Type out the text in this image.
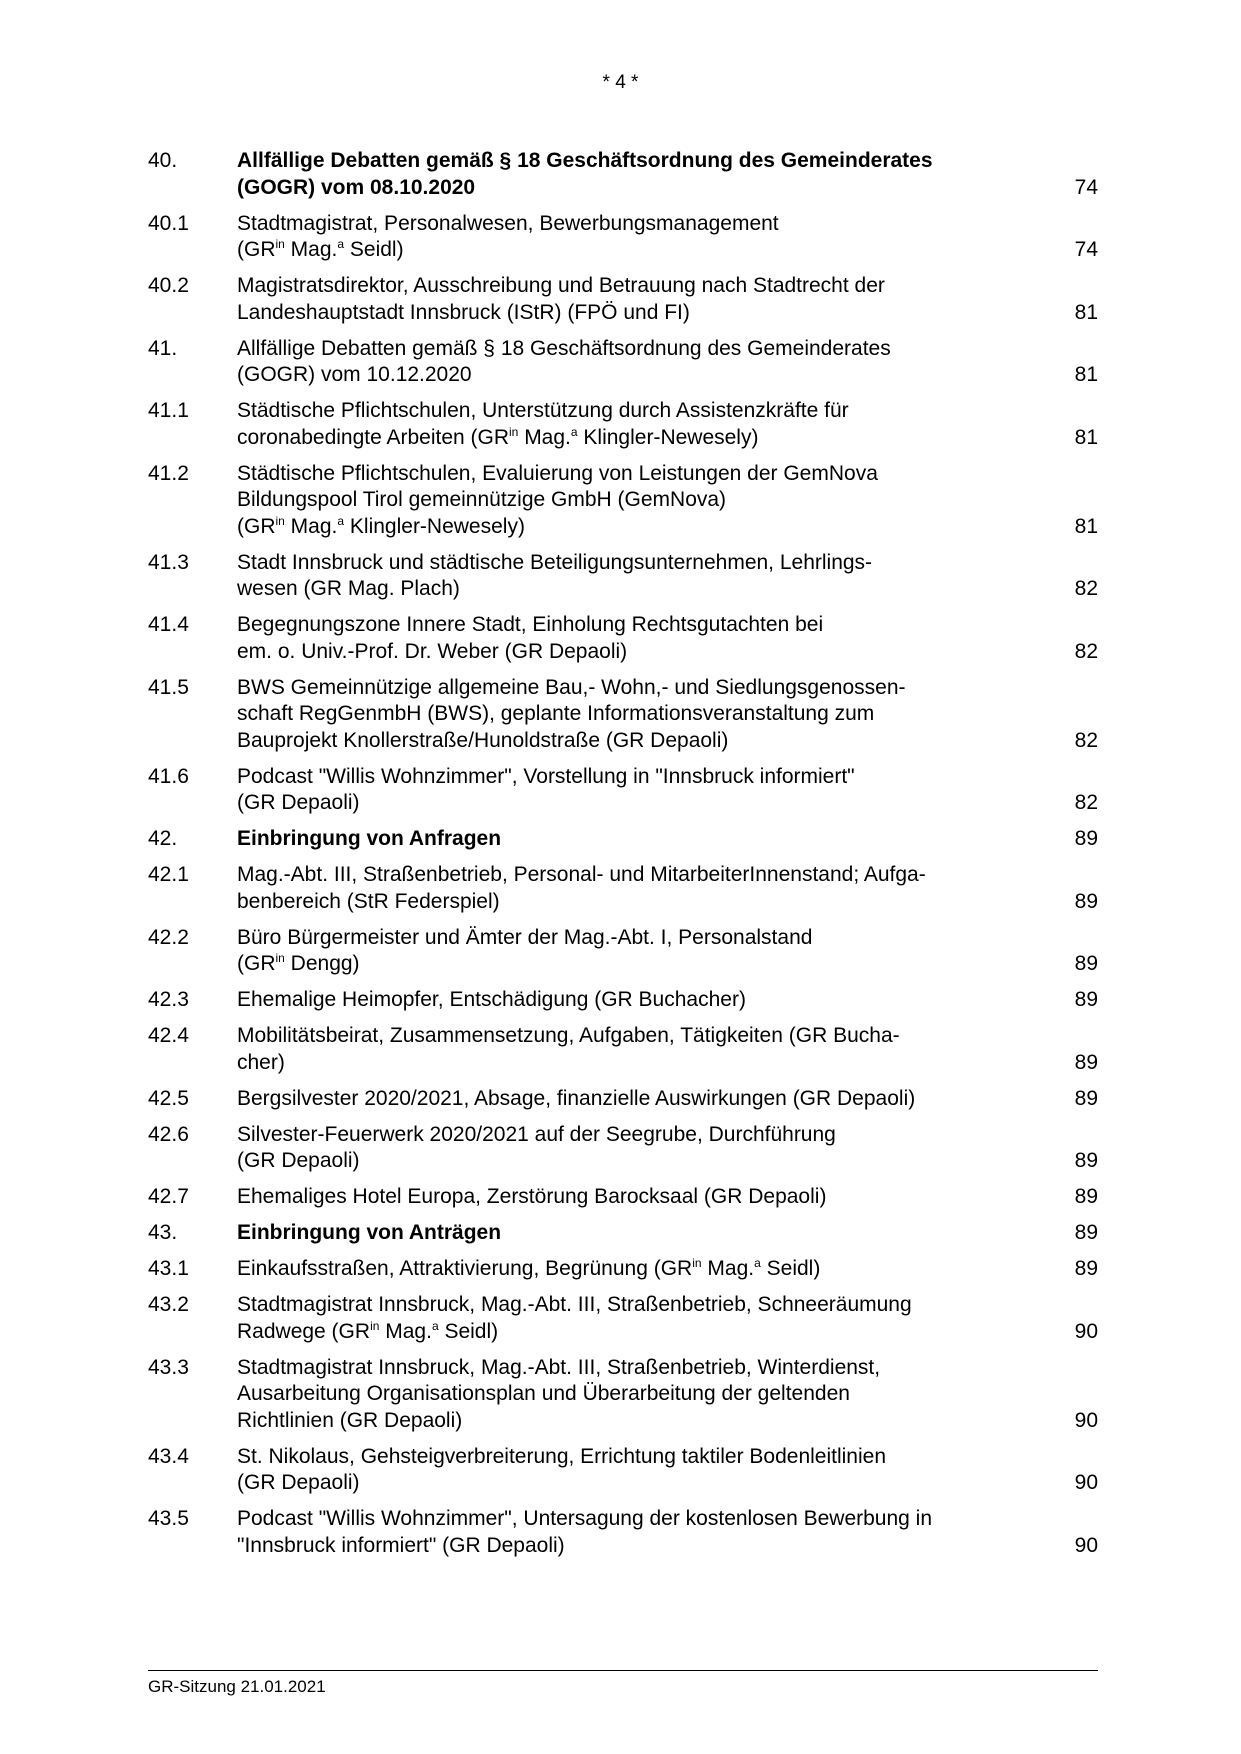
* 4 *
40.	Allfällige Debatten gemäß § 18 Geschäftsordnung des Gemeinderates
(GOGR) vom 08.10.2020	74
40.1	Stadtmagistrat, Personalwesen, Bewerbungsmanagement
($GR^{in}$ Mag.$^a$ Seidl)	74
40.2	Magistratsdirektor, Ausschreibung und Betrauung nach Stadtrecht der
Landeshauptstadt Innsbruck (IStR) (FPÖ und FI)	81
41.	Allfällige Debatten gemäß § 18 Geschäftsordnung des Gemeinderates
(GOGR) vom 10.12.2020	81
41.1	Städtische Pflichtschulen, Unterstützung durch Assistenzkräfte für
coronabedingte Arbeiten ($GR^{in}$ Mag.$^a$ Klingler-Newesely)	81
41.2	Städtische Pflichtschulen, Evaluierung von Leistungen der GemNova
Bildungspool Tirol gemeinnützige GmbH (GemNova)
($GR^{in}$ Mag.$^a$ Klingler-Newesely)	81
41.3	Stadt Innsbruck und städtische Beteiligungsunternehmen, Lehrlings-
wesen (GR Mag. Plach)	82
41.4	Begegnungszone Innere Stadt, Einholung Rechtsgutachten bei
em. o. Univ.-Prof. Dr. Weber (GR Depaoli)	82
41.5	BWS Gemeinnützige allgemeine Bau,- Wohn,- und Siedlungsgenossen-
schaft RegGenmbH (BWS), geplante Informationsveranstaltung zum
Bauprojekt Knollerstraße/Hunoldstraße (GR Depaoli)	82
41.6	Podcast "Willis Wohnzimmer", Vorstellung in "Innsbruck informiert"
(GR Depaoli)	82
42.	Einbringung von Anfragen	89
42.1	Mag.-Abt. III, Straßenbetrieb, Personal- und MitarbeiterInnenstand; Aufga-
benbereich (StR Federspiel)	89
42.2	Büro Bürgermeister und Ämter der Mag.-Abt. I, Personalstand
($GR^{in}$ Dengg)	89
42.3	Ehemalige Heimopfer, Entschädigung (GR Buchacher)	89
42.4	Mobilitätsbeirat, Zusammensetzung, Aufgaben, Tätigkeiten (GR Bucha-
cher)	89
42.5	Bergsilvester 2020/2021, Absage, finanzielle Auswirkungen (GR Depaoli)	89
42.6	Silvester-Feuerwerk 2020/2021 auf der Seegrube, Durchführung
(GR Depaoli)	89
42.7	Ehemaliges Hotel Europa, Zerstörung Barocksaal (GR Depaoli)	89
43.	Einbringung von Anträgen	89
43.1	Einkaufsstraßen, Attraktivierung, Begrünung ($GR^{in}$ Mag.$^a$ Seidl)	89
43.2	Stadtmagistrat Innsbruck, Mag.-Abt. III, Straßenbetrieb, Schneeräumung
Radwege ($GR^{in}$ Mag.$^a$ Seidl)	90
43.3	Stadtmagistrat Innsbruck, Mag.-Abt. III, Straßenbetrieb, Winterdienst,
Ausarbeitung Organisationsplan und Überarbeitung der geltenden
Richtlinien (GR Depaoli)	90
43.4	St. Nikolaus, Gehsteigverbreiterung, Errichtung taktiler Bodenleitlinien
(GR Depaoli)	90
43.5	Podcast "Willis Wohnzimmer", Untersagung der kostenlosen Bewerbung in
"Innsbruck informiert" (GR Depaoli)	90
GR-Sitzung 21.01.2021
